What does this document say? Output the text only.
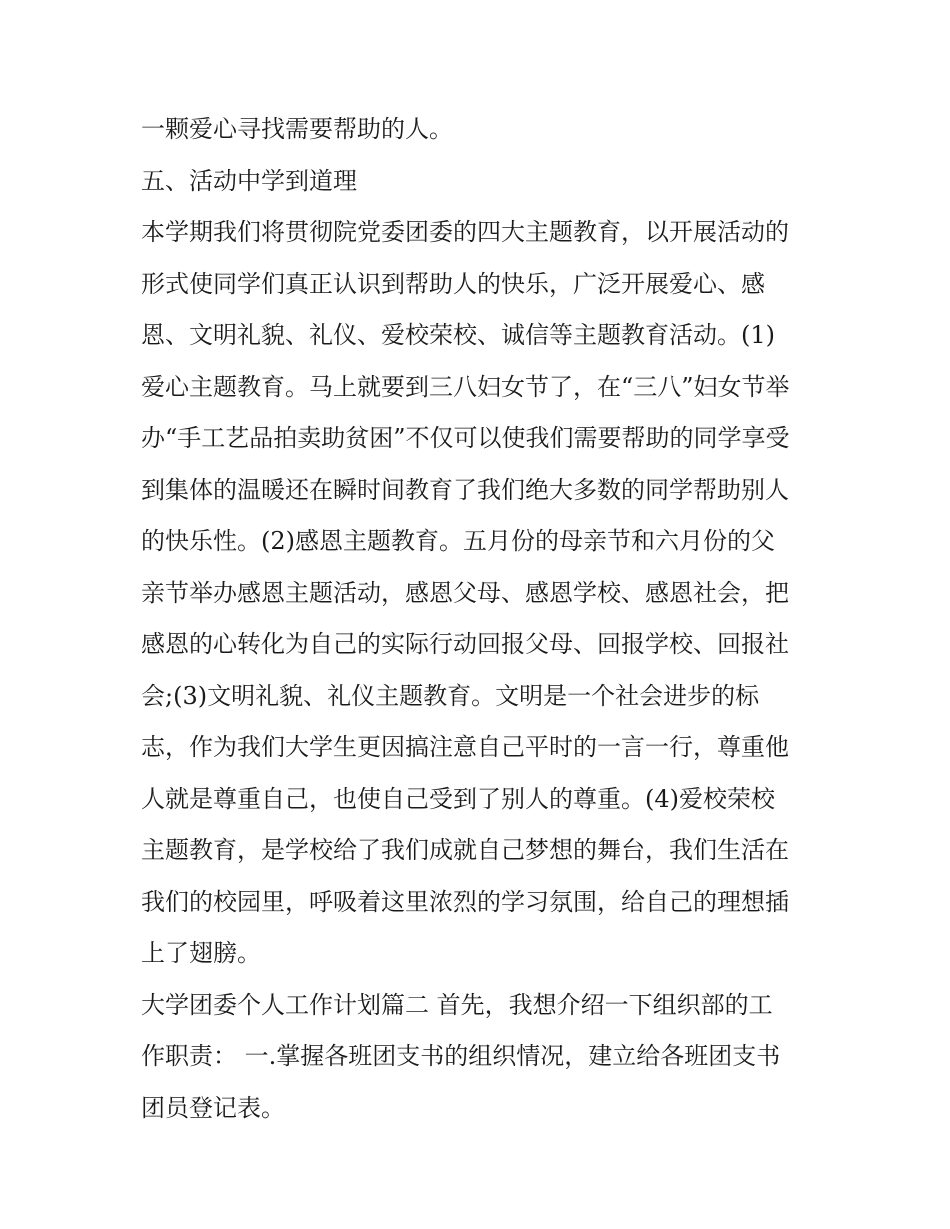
一颗爱心寻找需要帮助的人。
五、活动中学到道理
本学期我们将贯彻院党委团委的四大主题教育，以开展活动的
形式使同学们真正认识到帮助人的快乐，广泛开展爱心、感
恩、文明礼貌、礼仪、爱校荣校、诚信等主题教育活动。(1)
爱心主题教育。马上就要到三八妇女节了，在“三八”妇女节举
办“手工艺品拍卖助贫困”不仅可以使我们需要帮助的同学享受
到集体的温暖还在瞬时间教育了我们绝大多数的同学帮助别人
的快乐性。(2)感恩主题教育。五月份的母亲节和六月份的父
亲节举办感恩主题活动，感恩父母、感恩学校、感恩社会，把
感恩的心转化为自己的实际行动回报父母、回报学校、回报社
会;(3)文明礼貌、礼仪主题教育。文明是一个社会进步的标
志，作为我们大学生更因搞注意自己平时的一言一行，尊重他
人就是尊重自己，也使自己受到了别人的尊重。(4)爱校荣校
主题教育，是学校给了我们成就自己梦想的舞台，我们生活在
我们的校园里，呼吸着这里浓烈的学习氛围，给自己的理想插
上了翅膀。
大学团委个人工作计划篇二 首先，我想介绍一下组织部的工
作职责： 一.掌握各班团支书的组织情况，建立给各班团支书
团员登记表。
